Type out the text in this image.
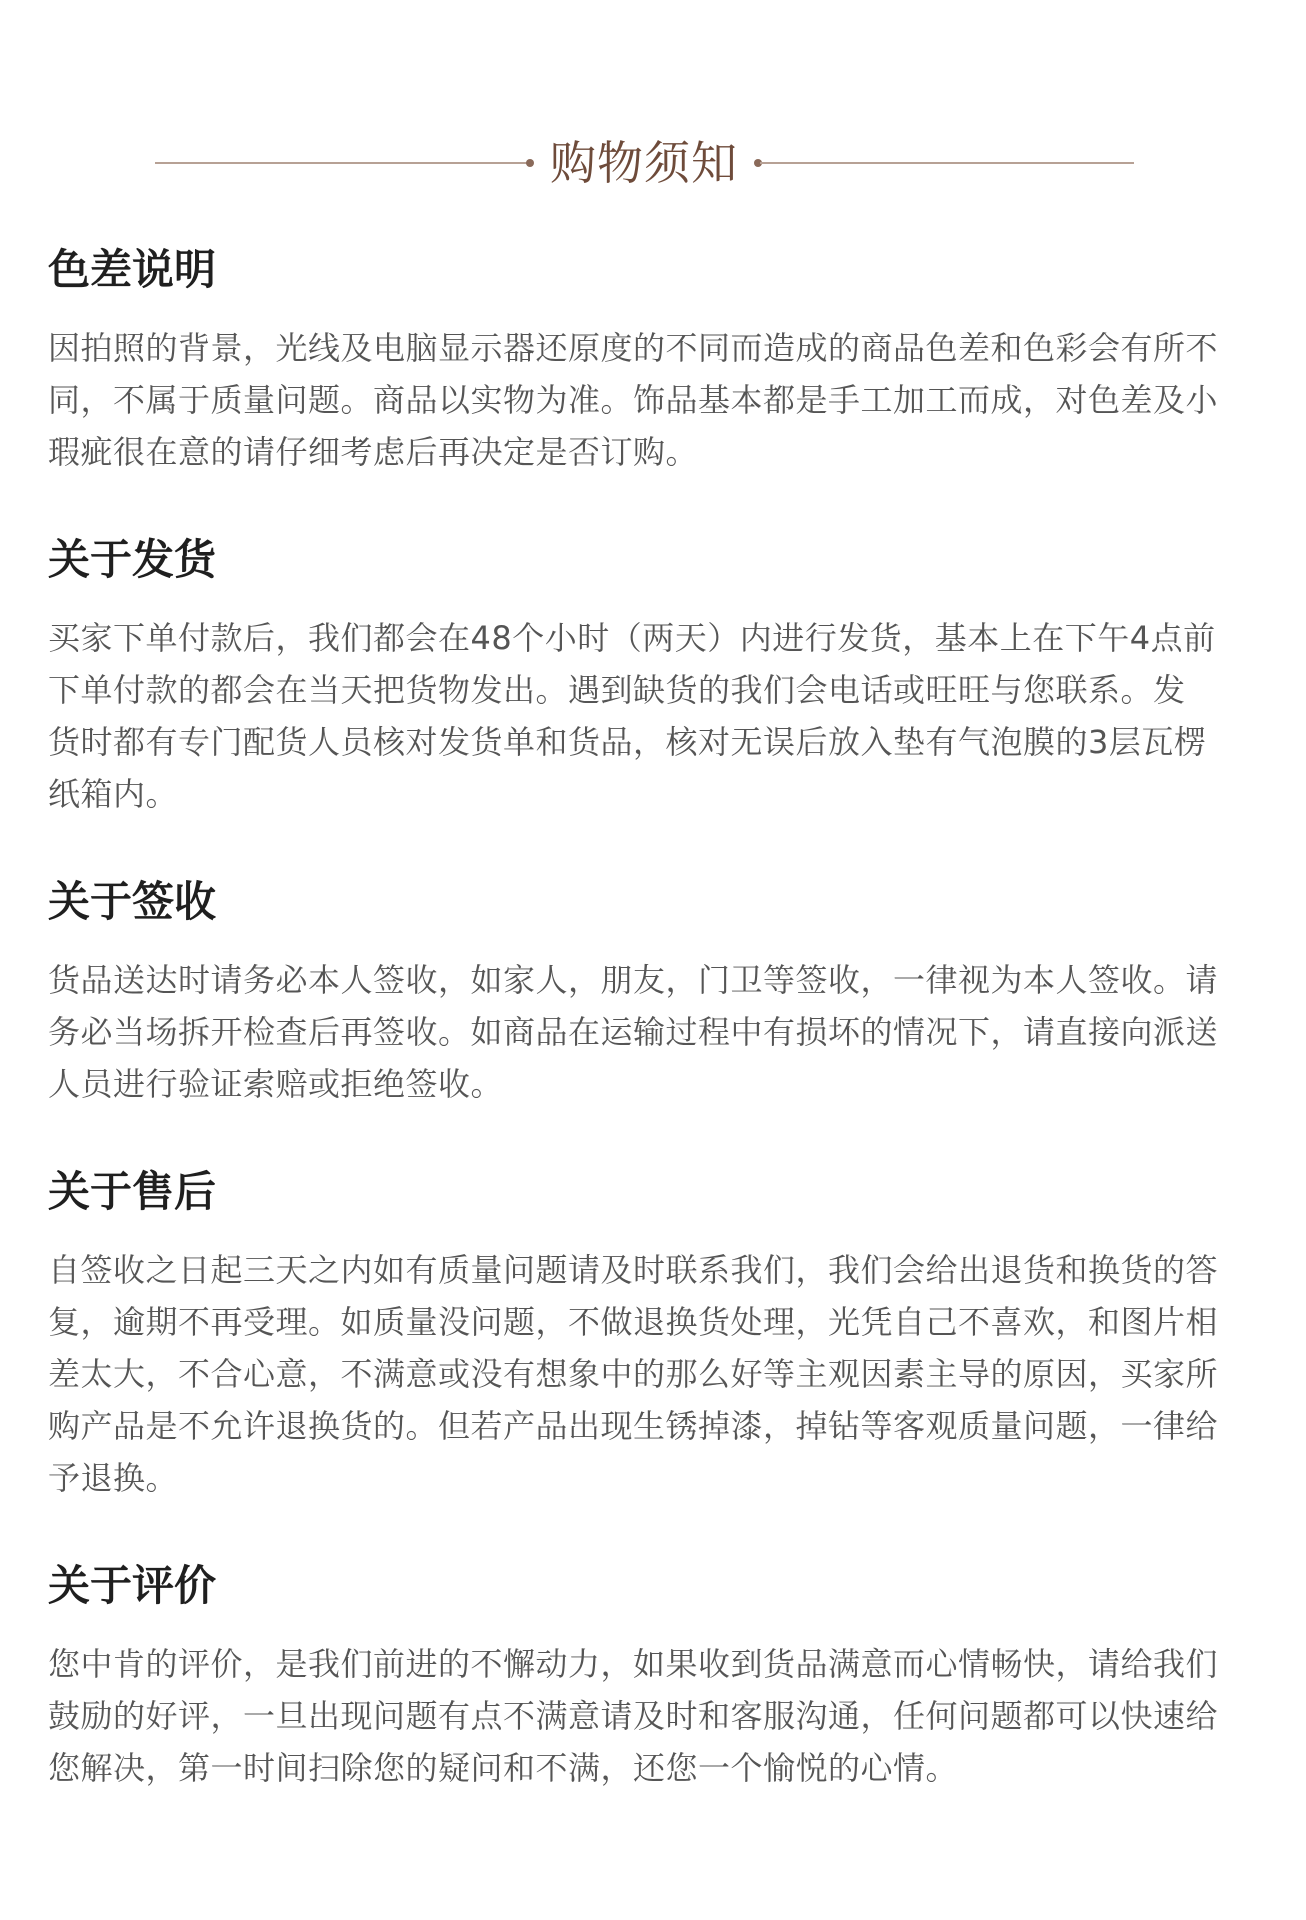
购物须知
色差说明
因拍照的背景，光线及电脑显示器还原度的不同而造成的商品色差和色彩会有所不
同，不属于质量问题。商品以实物为准。饰品基本都是手工加工而成，对色差及小
瑕疵很在意的请仔细考虑后再决定是否订购。
关于发货
买家下单付款后，我们都会在48个小时（两天）内进行发货，基本上在下午4点前
下单付款的都会在当天把货物发出。遇到缺货的我们会电话或旺旺与您联系。发
货时都有专门配货人员核对发货单和货品，核对无误后放入垫有气泡膜的3层瓦楞
纸箱内。
关于签收
货品送达时请务必本人签收，如家人，朋友，门卫等签收，一律视为本人签收。请
务必当场拆开检查后再签收。如商品在运输过程中有损坏的情况下，请直接向派送
人员进行验证索赔或拒绝签收。
关于售后
自签收之日起三天之内如有质量问题请及时联系我们，我们会给出退货和换货的答
复，逾期不再受理。如质量没问题，不做退换货处理，光凭自己不喜欢，和图片相
差太大，不合心意，不满意或没有想象中的那么好等主观因素主导的原因，买家所
购产品是不允许退换货的。但若产品出现生锈掉漆，掉钻等客观质量问题，一律给
予退换。
关于评价
您中肯的评价，是我们前进的不懈动力，如果收到货品满意而心情畅快，请给我们
鼓励的好评，一旦出现问题有点不满意请及时和客服沟通，任何问题都可以快速给
您解决，第一时间扫除您的疑问和不满，还您一个愉悦的心情。
